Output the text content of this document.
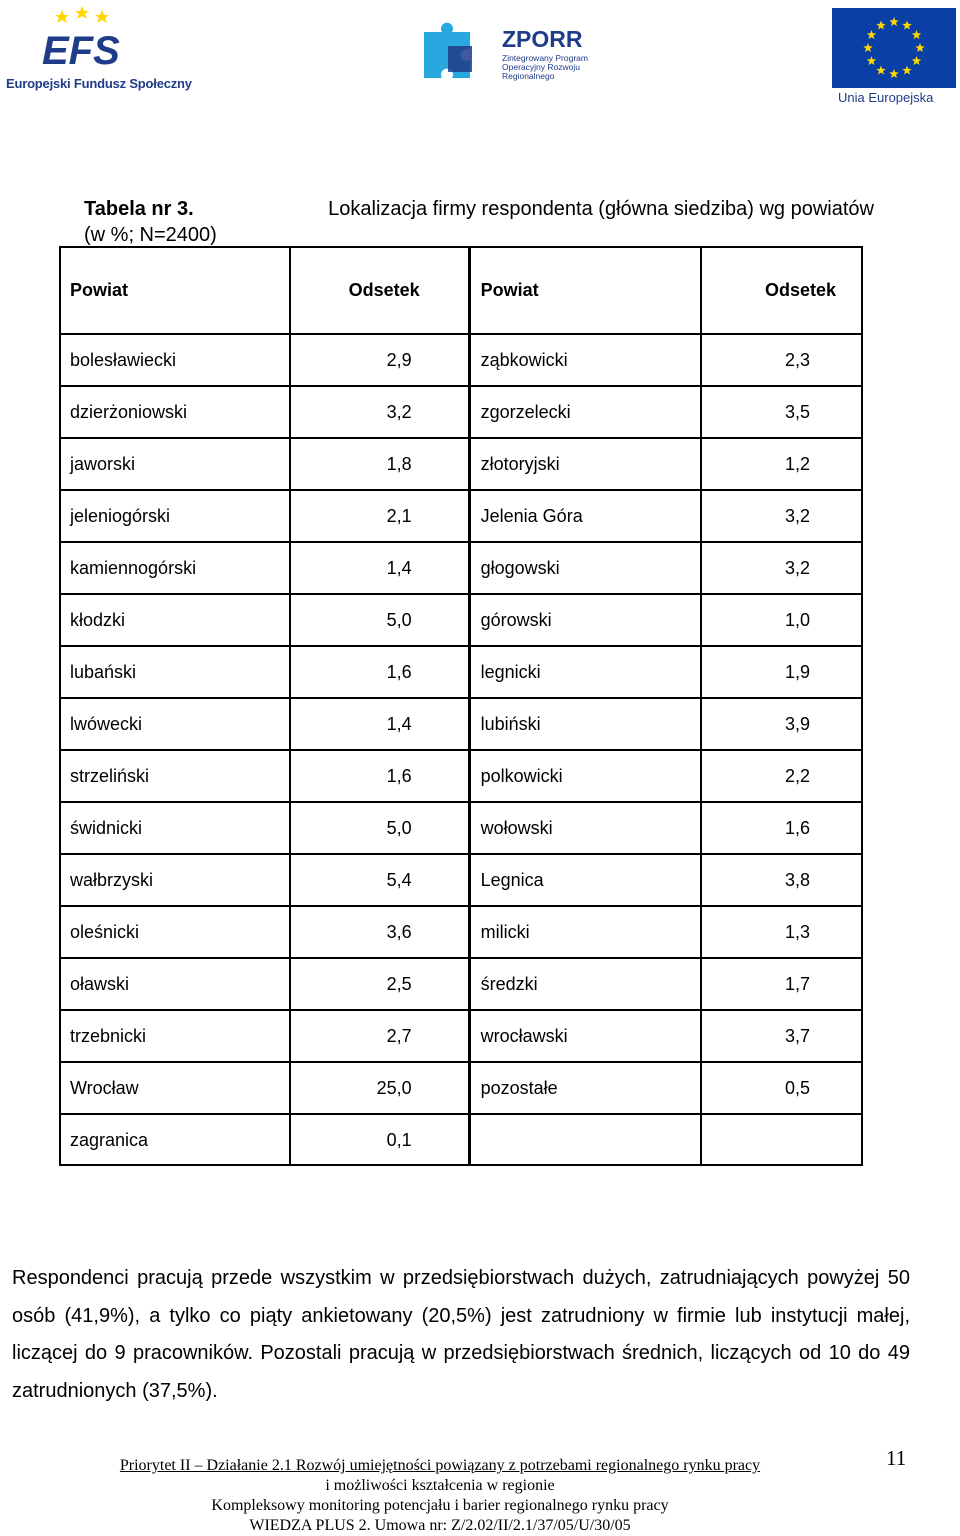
EFS
Europejski Fundusz Społeczny
ZPORR
Zintegrowany Program Operacyjny Rozwoju Regionalnego
Unia Europejska
Tabela nr 3.	Lokalizacja firmy respondenta (główna siedziba) wg powiatów
(w %; N=2400)
Powiat	Odsetek	Powiat	Odsetek
bolesławiecki	2,9	ząbkowicki	2,3
dzierżoniowski	3,2	zgorzelecki	3,5
jaworski	1,8	złotoryjski	1,2
jeleniogórski	2,1	Jelenia Góra	3,2
kamiennogórski	1,4	głogowski	3,2
kłodzki	5,0	górowski	1,0
lubański	1,6	legnicki	1,9
lwówecki	1,4	lubiński	3,9
strzeliński	1,6	polkowicki	2,2
świdnicki	5,0	wołowski	1,6
wałbrzyski	5,4	Legnica	3,8
oleśnicki	3,6	milicki	1,3
oławski	2,5	średzki	1,7
trzebnicki	2,7	wrocławski	3,7
Wrocław	25,0	pozostałe	0,5
zagranica	0,1		

Respondenci pracują przede wszystkim w przedsiębiorstwach dużych, zatrudniających powyżej 50 osób (41,9%), a tylko co piąty ankietowany (20,5%) jest zatrudniony w firmie lub instytucji małej, liczącej do 9 pracowników. Pozostali pracują w przedsiębiorstwach średnich, liczących od 10 do 49 zatrudnionych (37,5%).

Priorytet II – Działanie 2.1 Rozwój umiejętności powiązany z potrzebami regionalnego rynku pracy
i możliwości kształcenia w regionie
Kompleksowy monitoring potencjału i barier regionalnego rynku pracy
WIEDZA PLUS 2. Umowa nr: Z/2.02/II/2.1/37/05/U/30/05
11
